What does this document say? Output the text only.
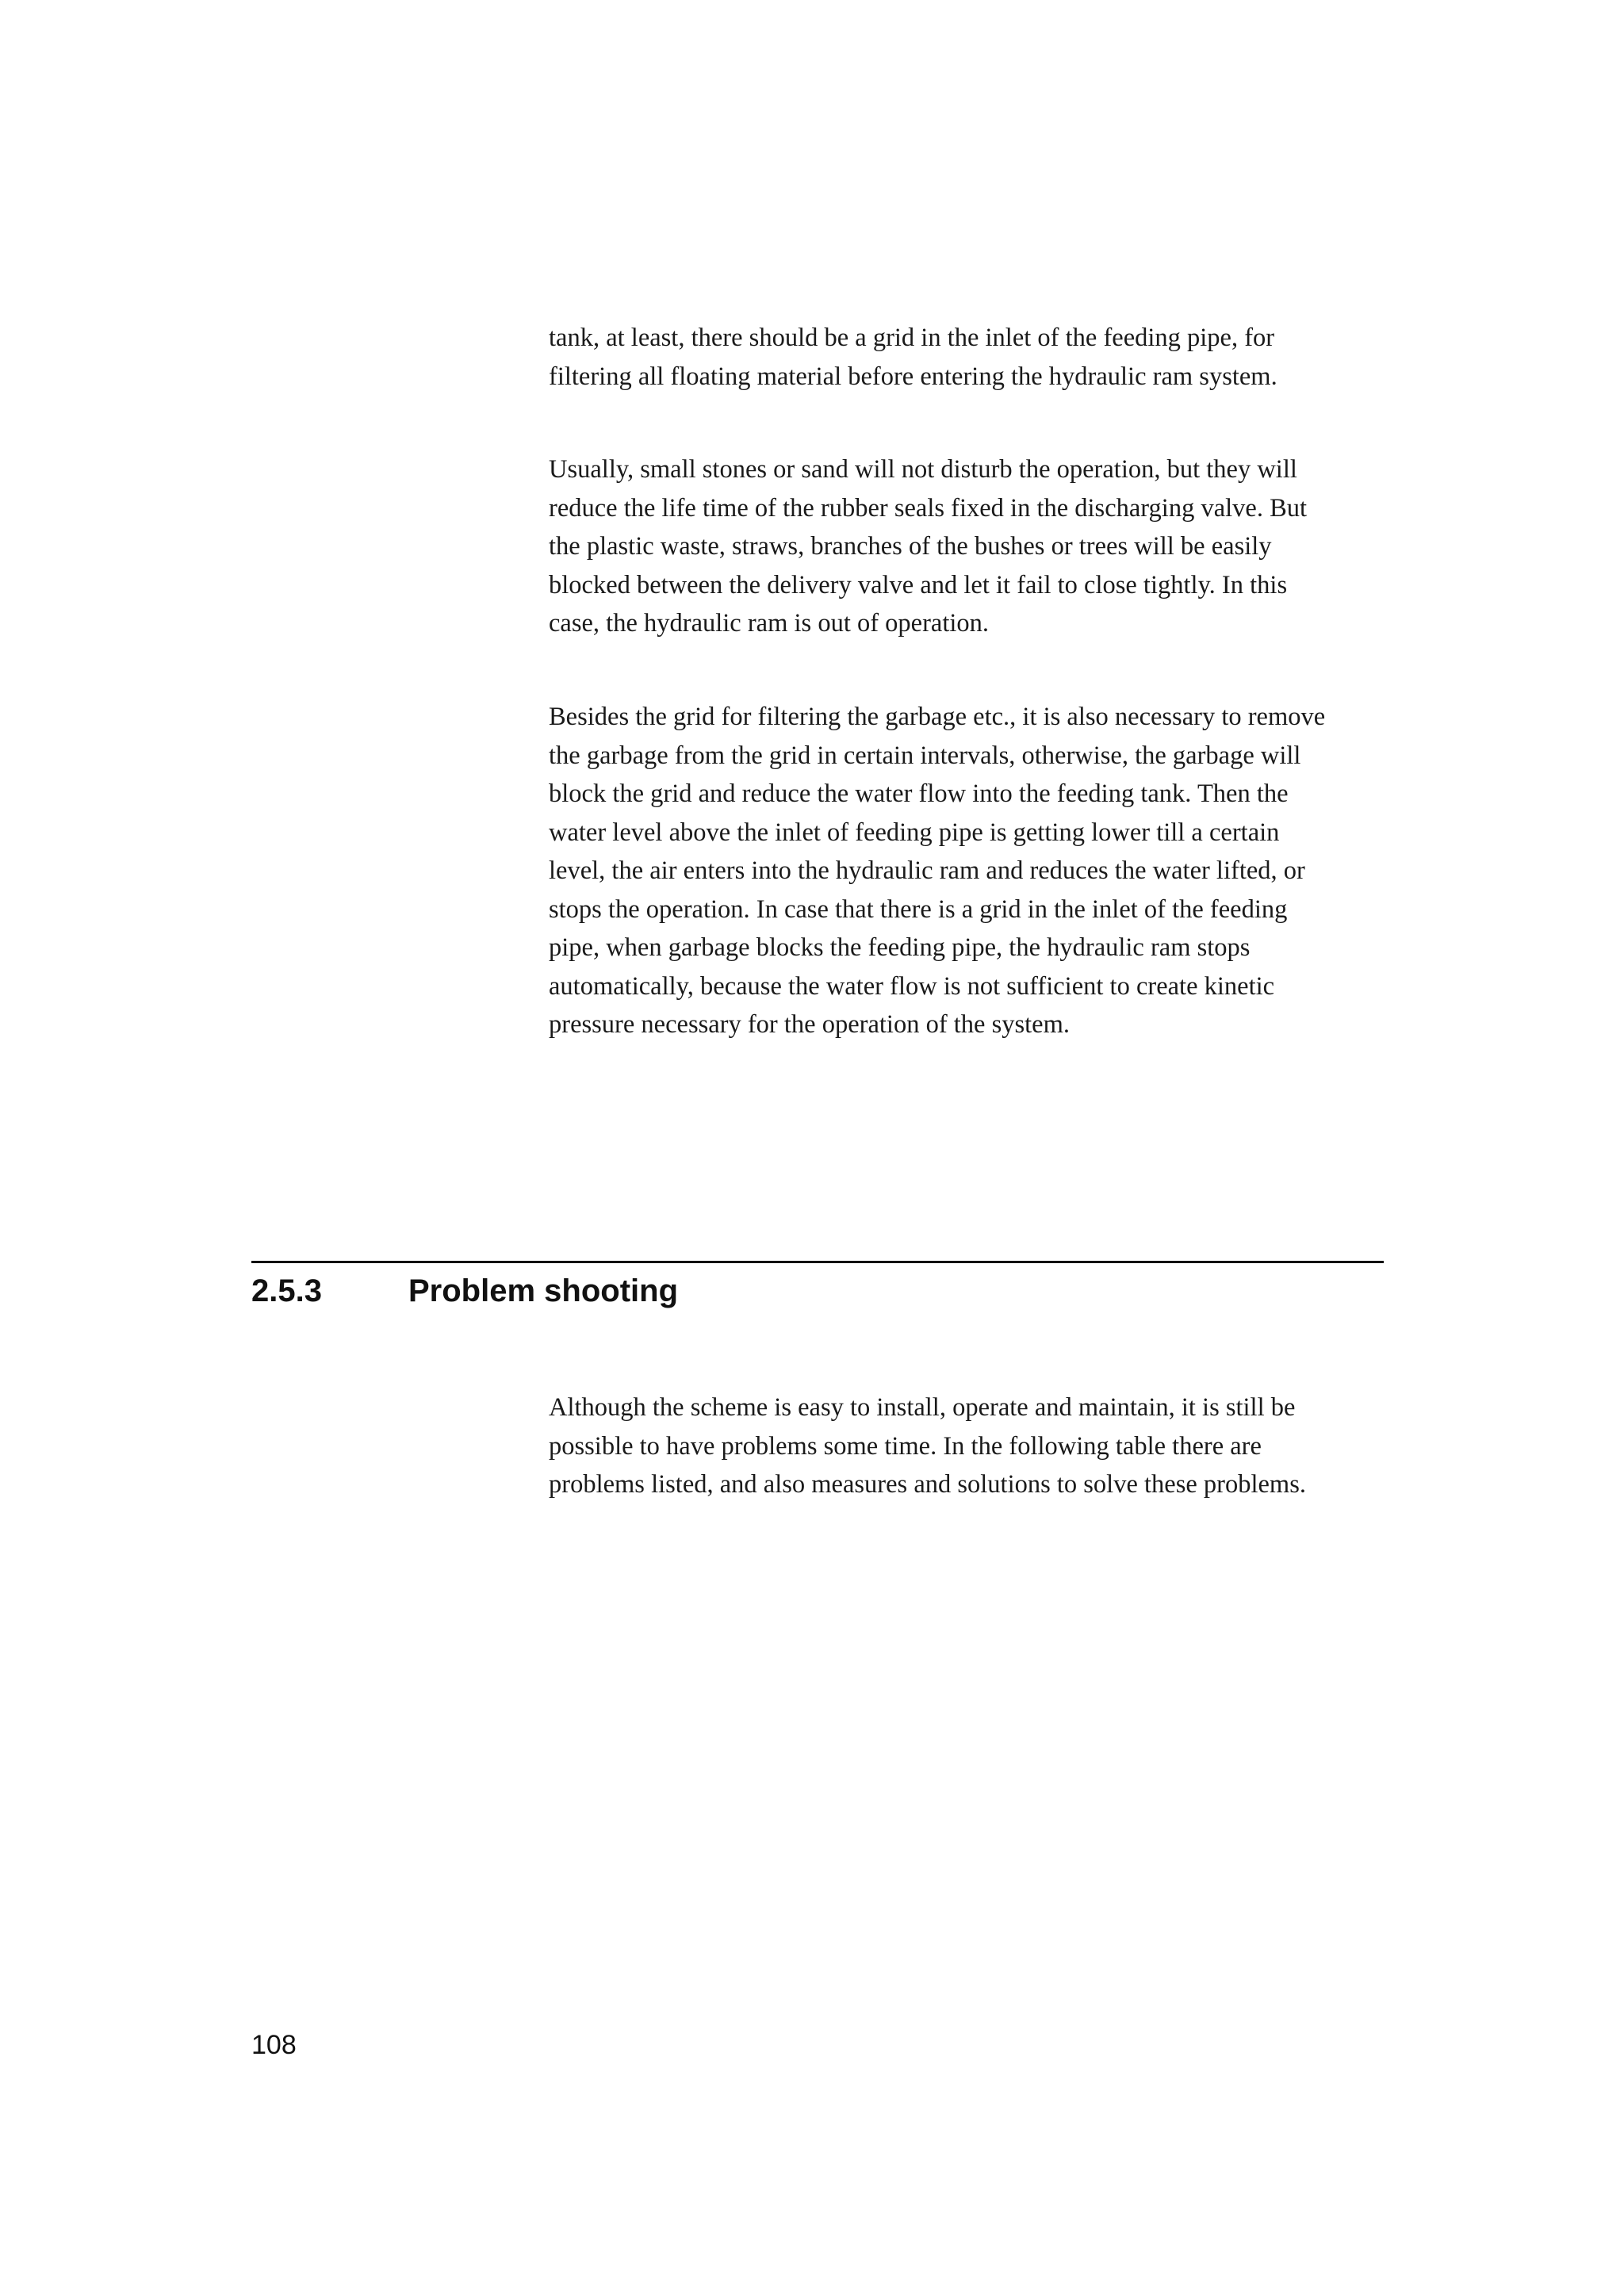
tank, at least, there should be a grid in the inlet of the feeding pipe, for
filtering all floating material before entering the hydraulic ram system.
Usually, small stones or sand will not disturb the operation, but they will
reduce the life time of the rubber seals fixed in the discharging valve. But
the plastic waste, straws, branches of the bushes or trees will be easily
blocked between the delivery valve and let it fail to close tightly. In this
case, the hydraulic ram is out of operation.
Besides the grid for filtering the garbage etc., it is also necessary to remove
the garbage from the grid in certain intervals, otherwise, the garbage will
block the grid and reduce the water flow into the feeding tank. Then the
water level above the inlet of feeding pipe is getting lower till a certain
level, the air enters into the hydraulic ram and reduces the water lifted, or
stops the operation. In case that there is a grid in the inlet of the feeding
pipe, when garbage blocks the feeding pipe, the hydraulic ram stops
automatically, because the water flow is not sufficient to create kinetic
pressure necessary for the operation of the system.
2.5.3	Problem shooting
Although the scheme is easy to install, operate and maintain, it is still be
possible to have problems some time. In the following table there are
problems listed, and also measures and solutions to solve these problems.
108
